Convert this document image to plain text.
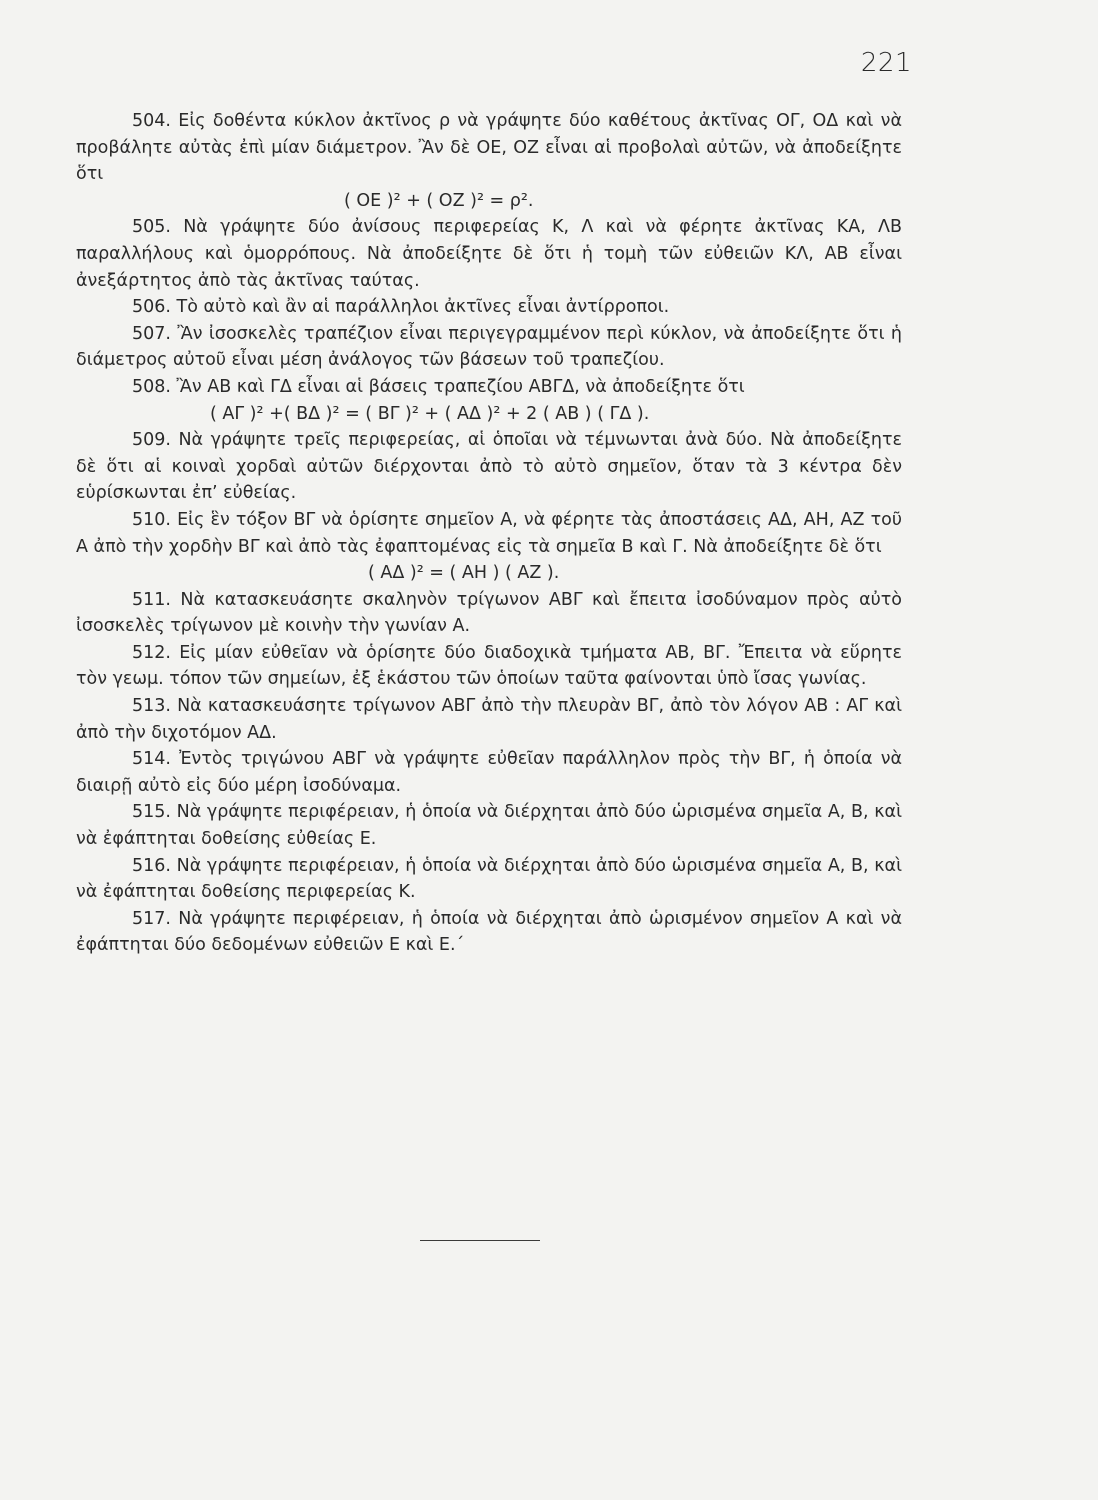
221

504. Εἰς δοθέντα κύκλον ἀκτῖνος ρ νὰ γράψητε δύο καθέτους ἀκτῖνας ΟΓ, ΟΔ καὶ νὰ προβάλητε αὐτὰς ἐπὶ μίαν διάμετρον. Ἂν δὲ ΟΕ, ΟΖ εἶναι αἱ προβολαὶ αὐτῶν, νὰ ἀποδείξητε ὅτι

( ΟΕ )² + ( ΟΖ )² = ρ².

505. Νὰ γράψητε δύο ἀνίσους περιφερείας Κ, Λ καὶ νὰ φέρητε ἀκτῖνας ΚΑ, ΛΒ παραλλήλους καὶ ὁμορρόπους. Νὰ ἀποδείξητε δὲ ὅτι ἡ τομὴ τῶν εὐθειῶν ΚΛ, ΑΒ εἶναι ἀνεξάρτητος ἀπὸ τὰς ἀκτῖνας ταύτας.

506. Τὸ αὐτὸ καὶ ἂν αἱ παράλληλοι ἀκτῖνες εἶναι ἀντίρροποι.

507. Ἂν ἰσοσκελὲς τραπέζιον εἶναι περιγεγραμμένον περὶ κύκλον, νὰ ἀποδείξητε ὅτι ἡ διάμετρος αὐτοῦ εἶναι μέση ἀνάλογος τῶν βάσεων τοῦ τραπεζίου.

508. Ἂν ΑΒ καὶ ΓΔ εἶναι αἱ βάσεις τραπεζίου ΑΒΓΔ, νὰ ἀποδείξητε ὅτι

( ΑΓ )² +( ΒΔ )² = ( ΒΓ )² + ( ΑΔ )² + 2 ( ΑΒ ) ( ΓΔ ).

509. Νὰ γράψητε τρεῖς περιφερείας, αἱ ὁποῖαι νὰ τέμνωνται ἀνὰ δύο. Νὰ ἀποδείξητε δὲ ὅτι αἱ κοιναὶ χορδαὶ αὐτῶν διέρχονται ἀπὸ τὸ αὐτὸ σημεῖον, ὅταν τὰ 3 κέντρα δὲν εὑρίσκωνται ἐπ’ εὐθείας.

510. Εἰς ἓν τόξον ΒΓ νὰ ὁρίσητε σημεῖον Α, νὰ φέρητε τὰς ἀποστάσεις ΑΔ, ΑΗ, ΑΖ τοῦ Α ἀπὸ τὴν χορδὴν ΒΓ καὶ ἀπὸ τὰς ἐφαπτομένας εἰς τὰ σημεῖα Β καὶ Γ. Νὰ ἀποδείξητε δὲ ὅτι

( ΑΔ )² = ( ΑΗ ) ( ΑΖ ).

511. Νὰ κατασκευάσητε σκαληνὸν τρίγωνον ΑΒΓ καὶ ἔπειτα ἰσοδύναμον πρὸς αὐτὸ ἰσοσκελὲς τρίγωνον μὲ κοινὴν τὴν γωνίαν Α.

512. Εἰς μίαν εὐθεῖαν νὰ ὁρίσητε δύο διαδοχικὰ τμήματα ΑΒ, ΒΓ. Ἔπειτα νὰ εὕρητε τὸν γεωμ. τόπον τῶν σημείων, ἐξ ἑκάστου τῶν ὁποίων ταῦτα φαίνονται ὑπὸ ἴσας γωνίας.

513. Νὰ κατασκευάσητε τρίγωνον ΑΒΓ ἀπὸ τὴν πλευρὰν ΒΓ, ἀπὸ τὸν λόγον ΑΒ : ΑΓ καὶ ἀπὸ τὴν διχοτόμον ΑΔ.

514. Ἐντὸς τριγώνου ΑΒΓ νὰ γράψητε εὐθεῖαν παράλληλον πρὸς τὴν ΒΓ, ἡ ὁποία νὰ διαιρῇ αὐτὸ εἰς δύο μέρη ἰσοδύναμα.

515. Νὰ γράψητε περιφέρειαν, ἡ ὁποία νὰ διέρχηται ἀπὸ δύο ὡρισμένα σημεῖα Α, Β, καὶ νὰ ἐφάπτηται δοθείσης εὐθείας Ε.

516. Νὰ γράψητε περιφέρειαν, ἡ ὁποία νὰ διέρχηται ἀπὸ δύο ὡρισμένα σημεῖα Α, Β, καὶ νὰ ἐφάπτηται δοθείσης περιφερείας Κ.

517. Νὰ γράψητε περιφέρειαν, ἡ ὁποία νὰ διέρχηται ἀπὸ ὡρισμένον σημεῖον Α καὶ νὰ ἐφάπτηται δύο δεδομένων εὐθειῶν Ε καὶ Ε.΄
